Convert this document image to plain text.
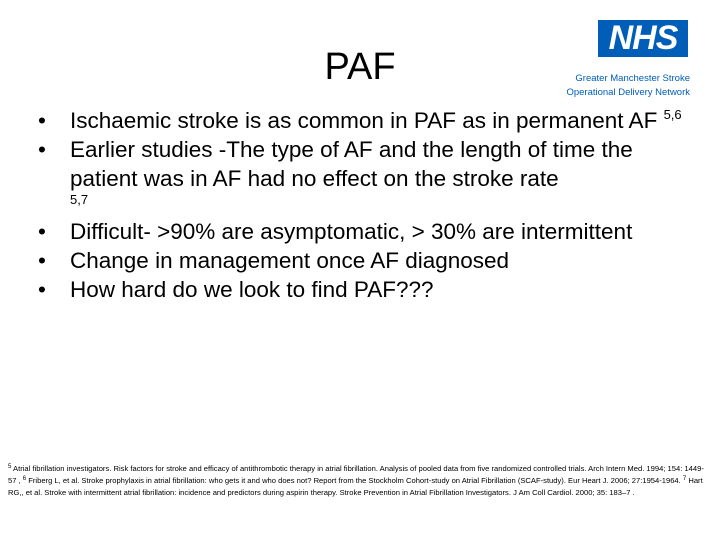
PAF
NHS
Greater Manchester Stroke
Operational Delivery Network
•	Ischaemic stroke is as common in PAF as in permanent AF $^{5,6}$
•	Earlier studies -The type of AF and the length of time the patient was in AF had no effect on the stroke rate
5,7
•	Difficult- >90% are asymptomatic, > 30% are intermittent
•	Change in management once AF diagnosed
•	How hard do we look to find PAF???
$^5$ Atrial fibrillation investigators. Risk factors for stroke and efficacy of antithrombotic therapy in atrial fibrillation. Analysis of pooled data from five randomized controlled trials. Arch Intern Med. 1994; 154: 1449-57 , $^6$ Friberg L, et al. Stroke prophylaxis in atrial fibrillation: who gets it and who does not? Report from the Stockholm Cohort-study on Atrial Fibrillation (SCAF-study). Eur Heart J. 2006; 27:1954-1964. $^7$ Hart RG,, et al. Stroke with intermittent atrial fibrillation: incidence and predictors during aspirin therapy. Stroke Prevention in Atrial Fibrillation Investigators. J Am Coll Cardiol. 2000; 35: 183–7 .
